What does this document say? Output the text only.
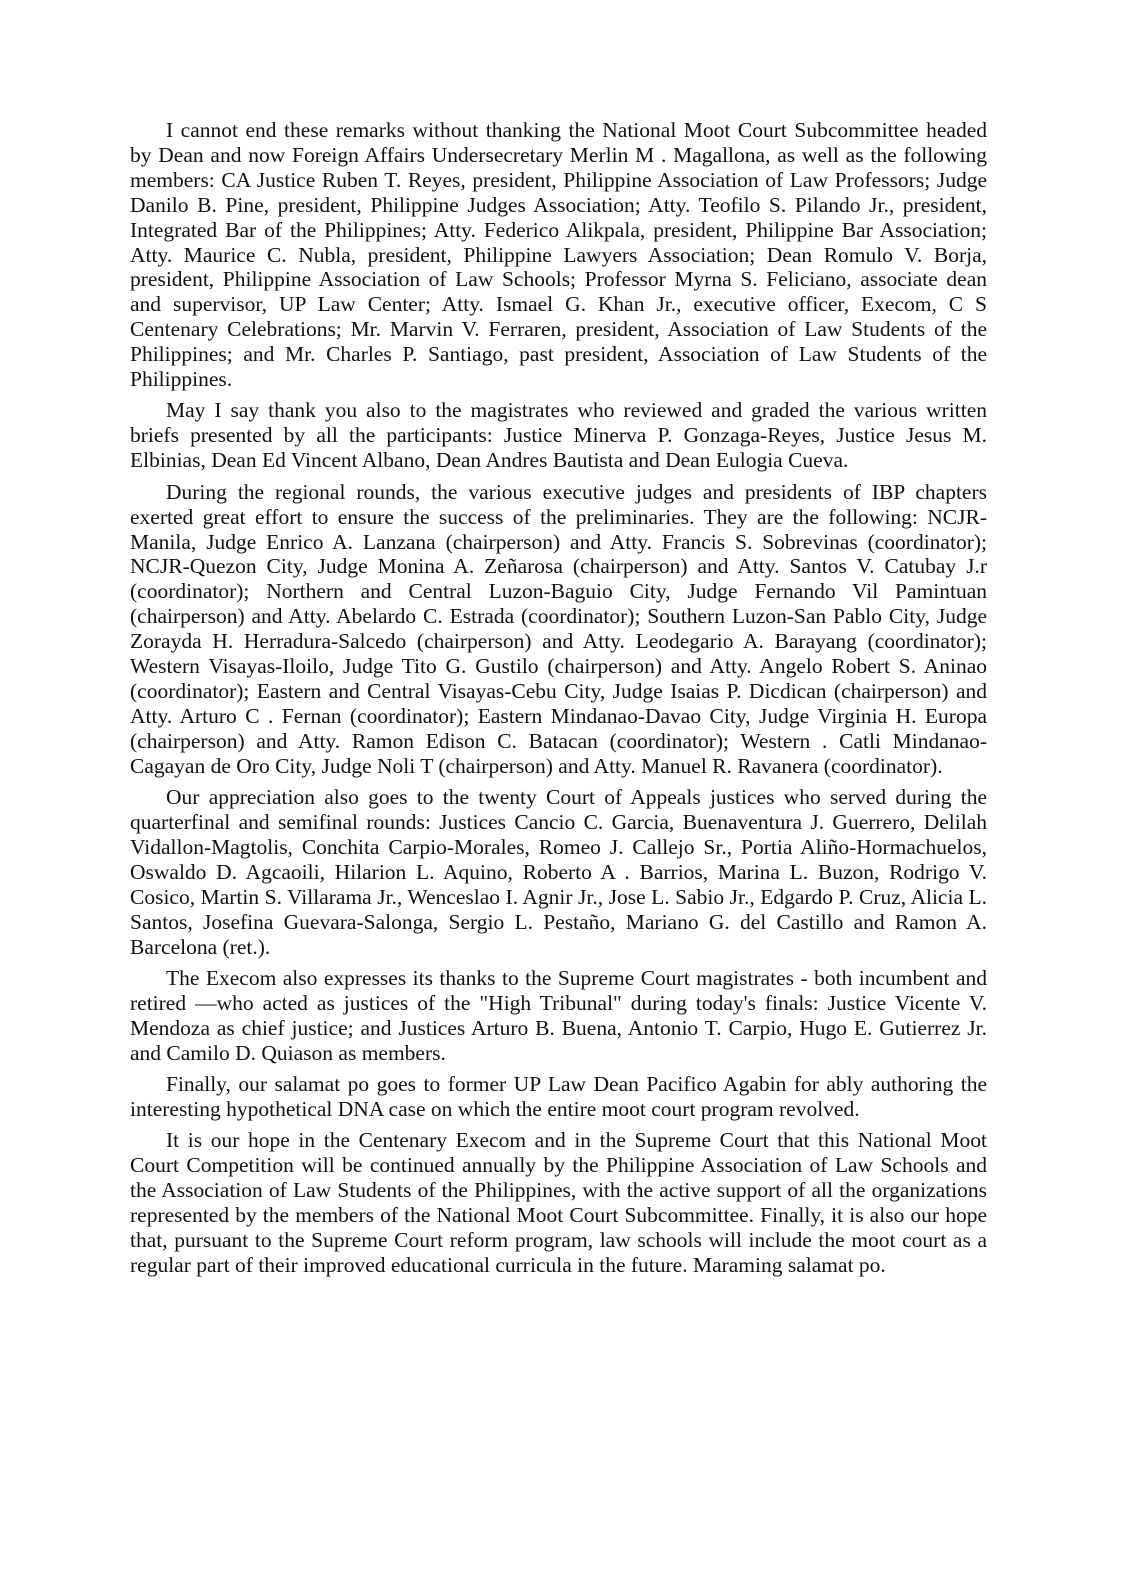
I cannot end these remarks without thanking the National Moot Court Subcommittee headed by Dean and now Foreign Affairs Undersecretary Merlin M . Magallona, as well as the following members: CA Justice Ruben T. Reyes, president, Philippine Association of Law Professors; Judge Danilo B. Pine, president, Philippine Judges Association; Atty. Teofilo S. Pilando Jr., president, Integrated Bar of the Philippines; Atty. Federico Alikpala, president, Philippine Bar Association; Atty. Maurice C. Nubla, president, Philippine Lawyers Association; Dean Romulo V. Borja, president, Philippine Association of Law Schools; Professor Myrna S. Feliciano, associate dean and supervisor, UP Law Center; Atty. Ismael G. Khan Jr., executive officer, Execom, C S Centenary Celebrations; Mr. Marvin V. Ferraren, president, Association of Law Students of the Philippines; and Mr. Charles P. Santiago, past president, Association of Law Students of the Philippines.

May I say thank you also to the magistrates who reviewed and graded the various written briefs presented by all the participants: Justice Minerva P. Gonzaga-Reyes, Justice Jesus M. Elbinias, Dean Ed Vincent Albano, Dean Andres Bautista and Dean Eulogia Cueva.

During the regional rounds, the various executive judges and presidents of IBP chapters exerted great effort to ensure the success of the preliminaries. They are the following: NCJR-Manila, Judge Enrico A. Lanzana (chairperson) and Atty. Francis S. Sobrevinas (coordinator); NCJR-Quezon City, Judge Monina A. Zeñarosa (chairperson) and Atty. Santos V. Catubay J.r (coordinator); Northern and Central Luzon-Baguio City, Judge Fernando Vil Pamintuan (chairperson) and Atty. Abelardo C. Estrada (coordinator); Southern Luzon-San Pablo City, Judge Zorayda H. Herradura-Salcedo (chairperson) and Atty. Leodegario A. Barayang (coordinator); Western Visayas-Iloilo, Judge Tito G. Gustilo (chairperson) and Atty. Angelo Robert S. Aninao (coordinator); Eastern and Central Visayas-Cebu City, Judge Isaias P. Dicdican (chairperson) and Atty. Arturo C . Fernan (coordinator); Eastern Mindanao-Davao City, Judge Virginia H. Europa (chairperson) and Atty. Ramon Edison C. Batacan (coordinator); Western . Catli Mindanao-Cagayan de Oro City, Judge Noli T (chairperson) and Atty. Manuel R. Ravanera (coordinator).

Our appreciation also goes to the twenty Court of Appeals justices who served during the quarterfinal and semifinal rounds: Justices Cancio C. Garcia, Buenaventura J. Guerrero, Delilah Vidallon-Magtolis, Conchita Carpio-Morales, Romeo J. Callejo Sr., Portia Aliño-Hormachuelos, Oswaldo D. Agcaoili, Hilarion L. Aquino, Roberto A . Barrios, Marina L. Buzon, Rodrigo V. Cosico, Martin S. Villarama Jr., Wenceslao I. Agnir Jr., Jose L. Sabio Jr., Edgardo P. Cruz, Alicia L. Santos, Josefina Guevara-Salonga, Sergio L. Pestaño, Mariano G. del Castillo and Ramon A. Barcelona (ret.).

The Execom also expresses its thanks to the Supreme Court magistrates - both incumbent and retired —who acted as justices of the "High Tribunal" during today's finals: Justice Vicente V. Mendoza as chief justice; and Justices Arturo B. Buena, Antonio T. Carpio, Hugo E. Gutierrez Jr. and Camilo D. Quiason as members.

Finally, our salamat po goes to former UP Law Dean Pacifico Agabin for ably authoring the interesting hypothetical DNA case on which the entire moot court program revolved.

It is our hope in the Centenary Execom and in the Supreme Court that this National Moot Court Competition will be continued annually by the Philippine Association of Law Schools and the Association of Law Students of the Philippines, with the active support of all the organizations represented by the members of the National Moot Court Subcommittee. Finally, it is also our hope that, pursuant to the Supreme Court reform program, law schools will include the moot court as a regular part of their improved educational curricula in the future. Maraming salamat po.
